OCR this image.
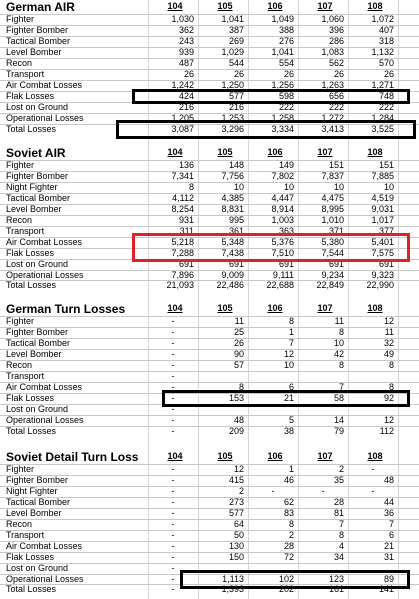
German AIR	104	105	106	107	108
Fighter	1,030	1,041	1,049	1,060	1,072
Fighter Bomber	362	387	388	396	407
Tactical Bomber	243	269	276	286	318
Level Bomber	939	1,029	1,041	1,083	1,132
Recon	487	544	554	562	570
Transport	26	26	26	26	26
Air Combat Losses	1,242	1,250	1,256	1,263	1,271
Flak Losses	424	577	598	656	748
Lost on Ground	216	216	222	222	222
Operational Losses	1,205	1,253	1,258	1,272	1,284
Total Losses	3,087	3,296	3,334	3,413	3,525
Soviet AIR	104	105	106	107	108
Fighter	136	148	149	151	151
Fighter Bomber	7,341	7,756	7,802	7,837	7,885
Night Fighter	8	10	10	10	10
Tactical Bomber	4,112	4,385	4,447	4,475	4,519
Level Bomber	8,254	8,831	8,914	8,995	9,031
Recon	931	995	1,003	1,010	1,017
Transport	311	361	363	371	377
Air Combat Losses	5,218	5,348	5,376	5,380	5,401
Flak Losses	7,288	7,438	7,510	7,544	7,575
Lost on Ground	691	691	691	691	691
Operational Losses	7,896	9,009	9,111	9,234	9,323
Total Losses	21,093	22,486	22,688	22,849	22,990
German Turn Losses	104	105	106	107	108
Fighter	-	11	8	11	12
Fighter Bomber	-	25	1	8	11
Tactical Bomber	-	26	7	10	32
Level Bomber	-	90	12	42	49
Recon	-	57	10	8	8
Transport	-
Air Combat Losses	-	8	6	7	8
Flak Losses	-	153	21	58	92
Lost on Ground	-
Operational Losses	-	48	5	14	12
Total Losses	-	209	38	79	112
Soviet Detail Turn Loss	104	105	106	107	108
Fighter	-	12	1	2	-
Fighter Bomber	-	415	46	35	48
Night Fighter	-	2	-	-	-
Tactical Bomber	-	273	62	28	44
Level Bomber	-	577	83	81	36
Recon	-	64	8	7	7
Transport	-	50	2	8	6
Air Combat Losses	-	130	28	4	21
Flak Losses	-	150	72	34	31
Lost on Ground	-
Operational Losses	-	1,113	102	123	89
Total Losses	-	1,393	202	161	141
